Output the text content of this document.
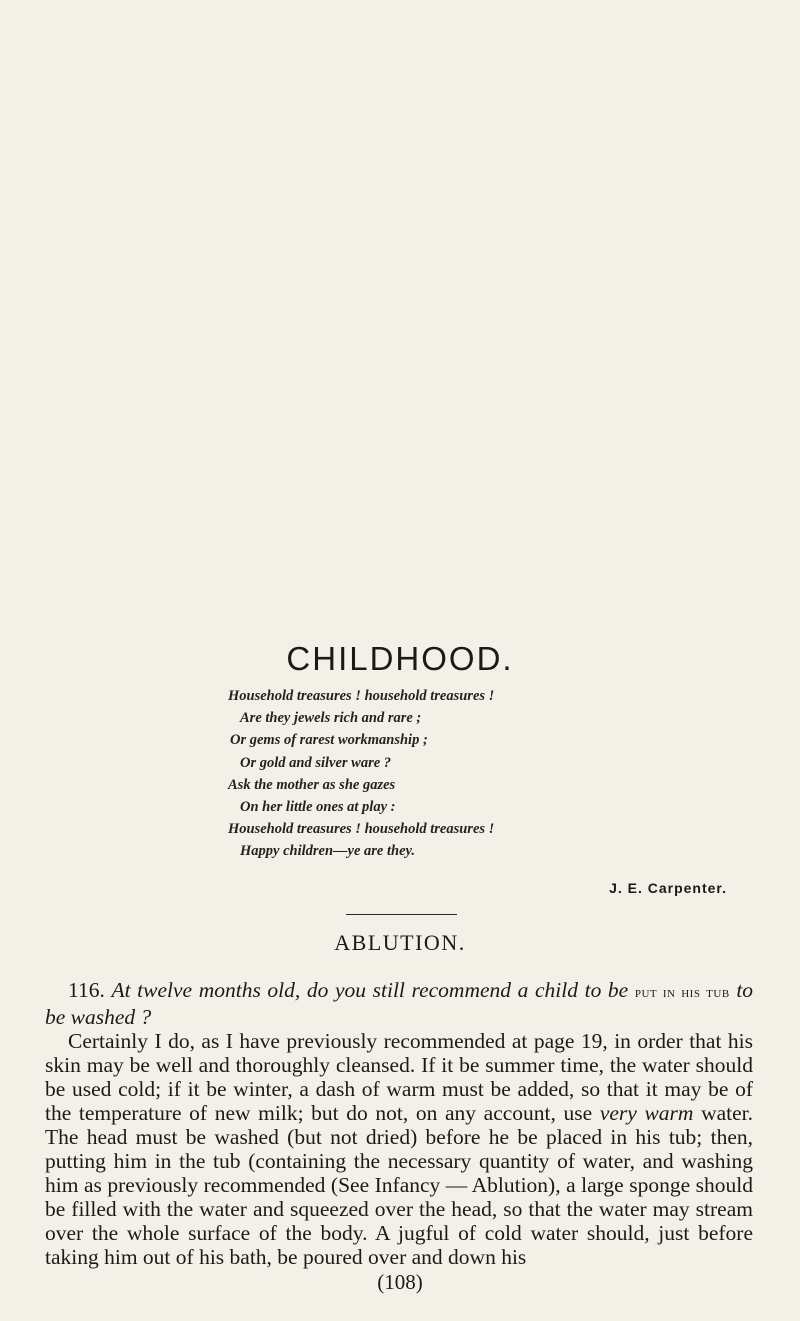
CHILDHOOD.
Household treasures ! household treasures !
Are they jewels rich and rare ;
Or gems of rarest workmanship ;
Or gold and silver ware ?
Ask the mother as she gazes
On her little ones at play :
Household treasures ! household treasures !
Happy children—ye are they.
J. E. Carpenter.
ABLUTION.

116. At twelve months old, do you still recommend a child to be put in his tub to be washed ?

Certainly I do, as I have previously recommended at page 19, in order that his skin may be well and thoroughly cleansed. If it be summer time, the water should be used cold; if it be winter, a dash of warm must be added, so that it may be of the temperature of new milk; but do not, on any account, use very warm water. The head must be washed (but not dried) before he be placed in his tub; then, putting him in the tub (containing the necessary quantity of water, and washing him as previously recommended (See Infancy — Ablution), a large sponge should be filled with the water and squeezed over the head, so that the water may stream over the whole surface of the body. A jugful of cold water should, just before taking him out of his bath, be poured over and down his

(108)
